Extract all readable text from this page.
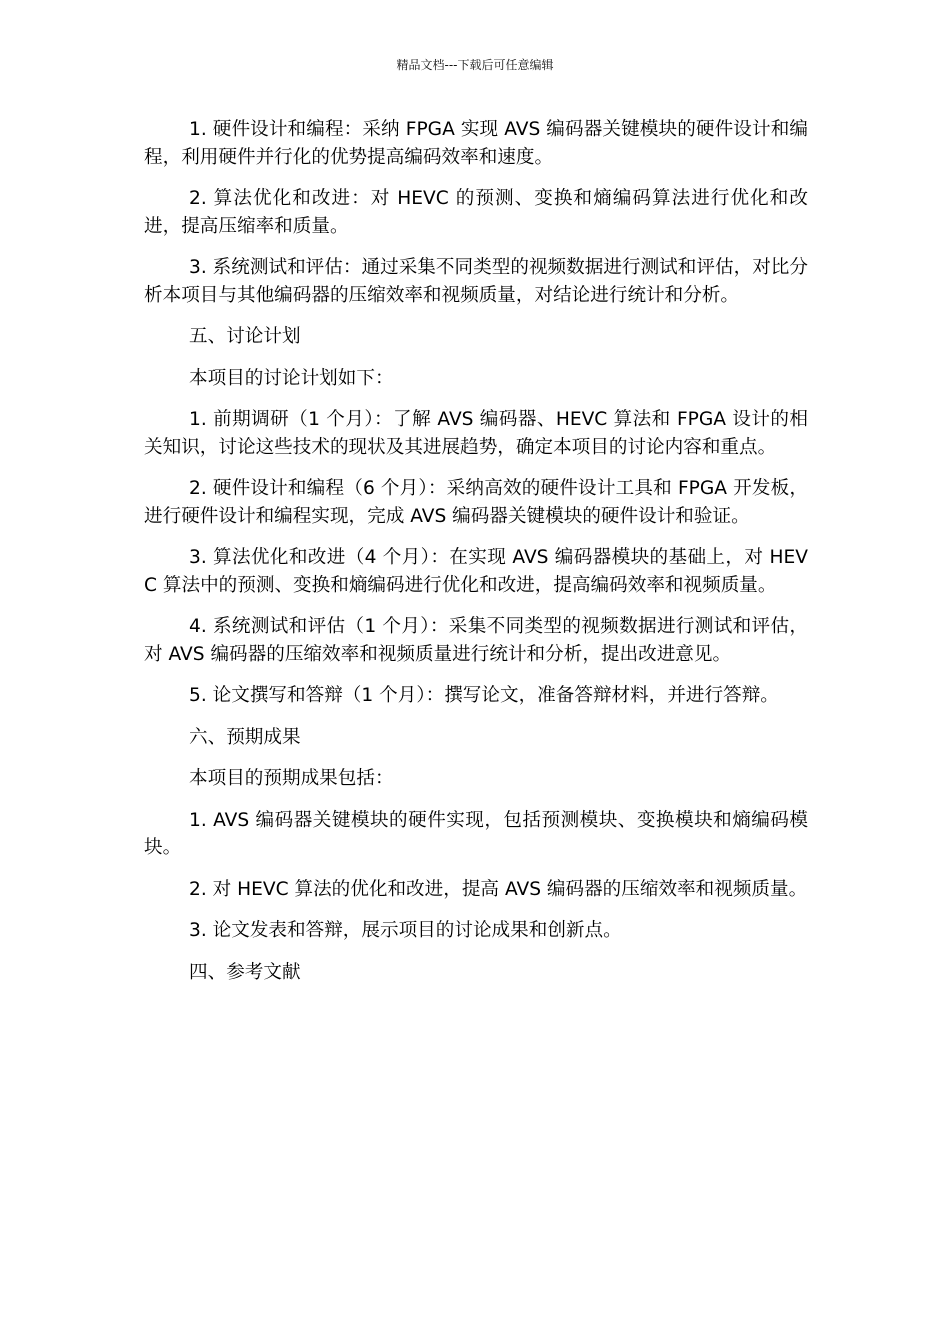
精品文档---下载后可任意编辑

1. 硬件设计和编程：采纳 FPGA 实现 AVS 编码器关键模块的硬件设计和编程，利用硬件并行化的优势提高编码效率和速度。

2. 算法优化和改进：对 HEVC 的预测、变换和熵编码算法进行优化和改进，提高压缩率和质量。

3. 系统测试和评估：通过采集不同类型的视频数据进行测试和评估，对比分析本项目与其他编码器的压缩效率和视频质量，对结论进行统计和分析。

五、讨论计划

本项目的讨论计划如下：

1. 前期调研（1 个月）：了解 AVS 编码器、HEVC 算法和 FPGA 设计的相关知识，讨论这些技术的现状及其进展趋势，确定本项目的讨论内容和重点。

2. 硬件设计和编程（6 个月）：采纳高效的硬件设计工具和 FPGA 开发板，进行硬件设计和编程实现，完成 AVS 编码器关键模块的硬件设计和验证。

3. 算法优化和改进（4 个月）：在实现 AVS 编码器模块的基础上，对 HEVC 算法中的预测、变换和熵编码进行优化和改进，提高编码效率和视频质量。

4. 系统测试和评估（1 个月）：采集不同类型的视频数据进行测试和评估，对 AVS 编码器的压缩效率和视频质量进行统计和分析，提出改进意见。

5. 论文撰写和答辩（1 个月）：撰写论文，准备答辩材料，并进行答辩。

六、预期成果

本项目的预期成果包括：

1. AVS 编码器关键模块的硬件实现，包括预测模块、变换模块和熵编码模块。

2. 对 HEVC 算法的优化和改进，提高 AVS 编码器的压缩效率和视频质量。

3. 论文发表和答辩，展示项目的讨论成果和创新点。

四、参考文献
